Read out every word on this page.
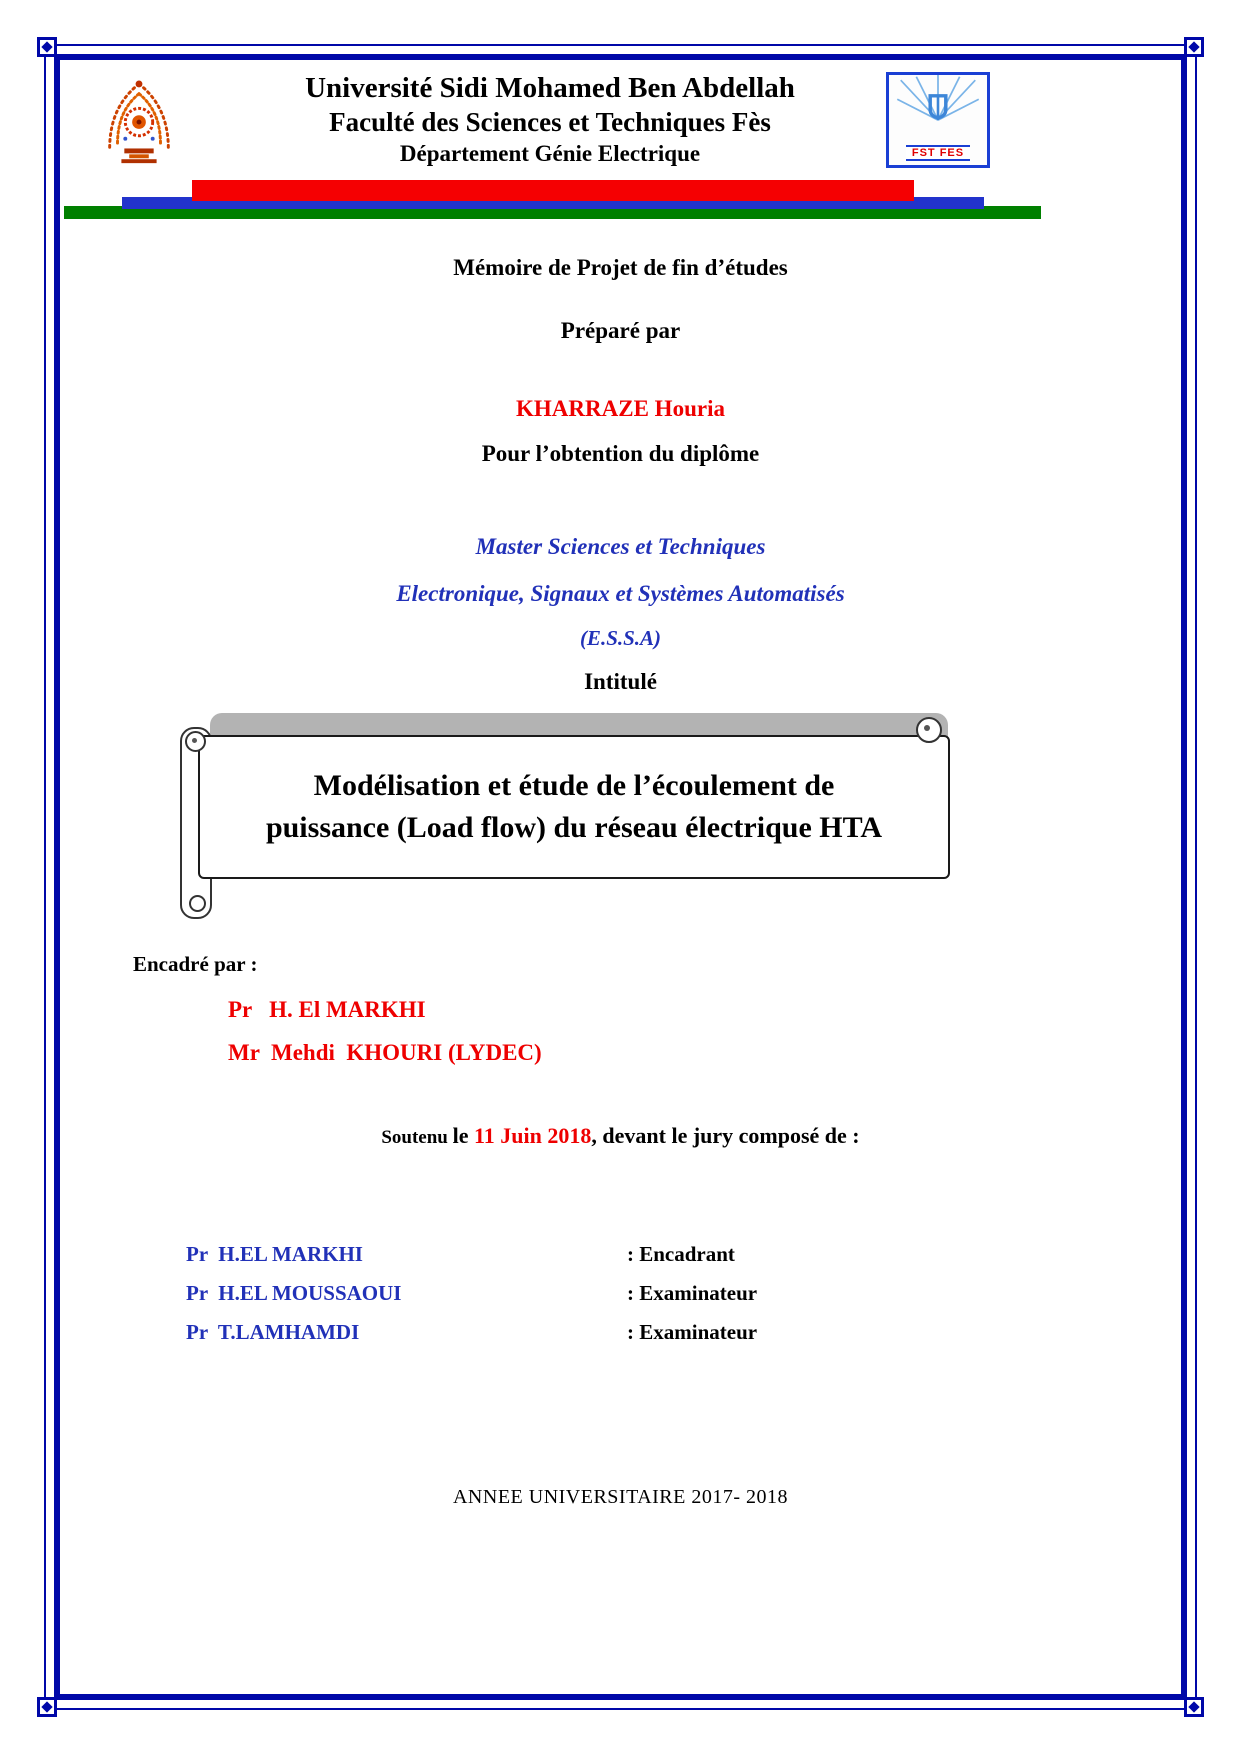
FST FES
Université Sidi Mohamed Ben Abdellah
Faculté des Sciences et Techniques Fès
Département Génie Electrique
Mémoire de Projet de fin d’études
Préparé par
KHARRAZE Houria
Pour l’obtention du diplôme
Master Sciences et Techniques
Electronique, Signaux et Systèmes Automatisés
(E.S.S.A)
Intitulé
Modélisation et étude de l’écoulement de
puissance (Load flow) du réseau électrique HTA
Encadré par :
Pr   H. El MARKHI
Mr  Mehdi  KHOURI (LYDEC)
Soutenu le 11 Juin 2018, devant le jury composé de :
Pr  H.EL MARKHI	: Encadrant
Pr  H.EL MOUSSAOUI	: Examinateur
Pr  T.LAMHAMDI	: Examinateur
ANNEE UNIVERSITAIRE 2017- 2018
